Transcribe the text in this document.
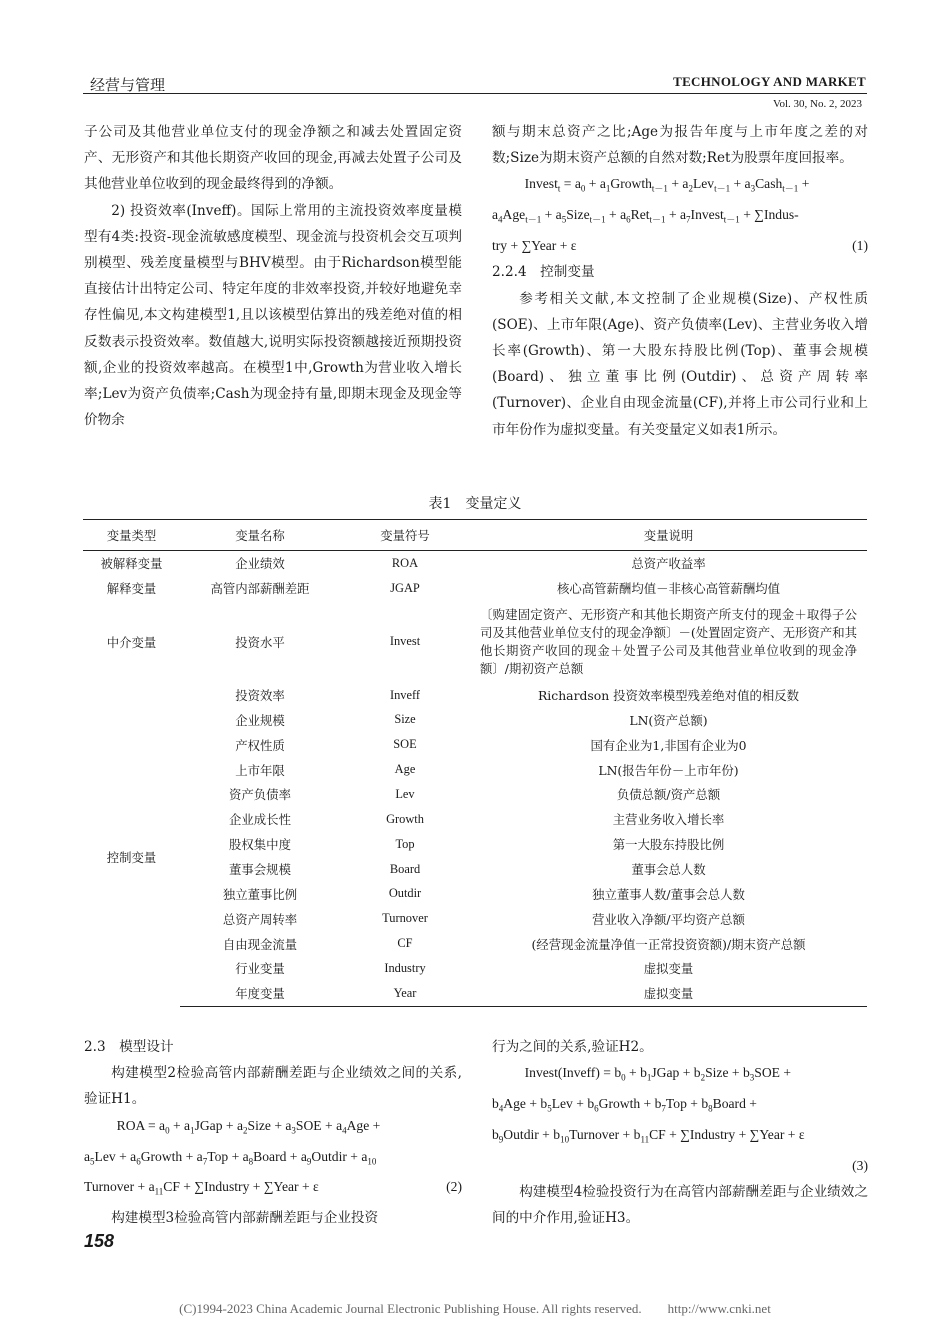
经营与管理	TECHNOLOGY AND MARKET
Vol. 30, No. 2, 2023

子公司及其他营业单位支付的现金净额之和减去处置固定资产、无形资产和其他长期资产收回的现金,再减去处置子公司及其他营业单位收到的现金最终得到的净额。

2) 投资效率(Inveff)。国际上常用的主流投资效率度量模型有4类:投资-现金流敏感度模型、现金流与投资机会交互项判别模型、残差度量模型与BHV模型。由于Richardson模型能直接估计出特定公司、特定年度的非效率投资,并较好地避免幸存性偏见,本文构建模型1,且以该模型估算出的残差绝对值的相反数表示投资效率。数值越大,说明实际投资额越接近预期投资额,企业的投资效率越高。在模型1中,Growth为营业收入增长率;Lev为资产负债率;Cash为现金持有量,即期末现金及现金等价物余

额与期末总资产之比;Age为报告年度与上市年度之差的对数;Size为期末资产总额的自然对数;Ret为股票年度回报率。

Invest$_t$ = $a_0$ + $a_1Growth_{t-1} + a_2Lev_{t-1}$ + $a_3Cash_{t-1}$ +
$a_4Age_{t-1}$ + $a_5Size_{t-1} + a_6Ret_{t-1}$ + $a_7Invest_{t-1}$ + ∑Indus-
try + ∑Year + ε	(1)

2.2.4　控制变量

参考相关文献,本文控制了企业规模(Size)、产权性质(SOE)、上市年限(Age)、资产负债率(Lev)、主营业务收入增长率(Growth)、第一大股东持股比例(Top)、董事会规模(Board)、独立董事比例(Outdir)、总资产周转率(Turnover)、企业自由现金流量(CF),并将上市公司行业和上市年份作为虚拟变量。有关变量定义如表1所示。

表1　变量定义
变量类型	变量名称	变量符号	变量说明
被解释变量	企业绩效	ROA	总资产收益率
解释变量	高管内部薪酬差距	JGAP	核心高管薪酬均值－非核心高管薪酬均值
中介变量	投资水平	Invest	〔购建固定资产、无形资产和其他长期资产所支付的现金＋取得子公司及其他营业单位支付的现金净额〕－(处置固定资产、无形资产和其他长期资产收回的现金＋处置子公司及其他营业单位收到的现金净额〕/期初资产总额
	投资效率	Inveff	Richardson 投资效率模型残差绝对值的相反数
控制变量	企业规模	Size	LN(资产总额)
	产权性质	SOE	国有企业为1,非国有企业为0
	上市年限	Age	LN(报告年份－上市年份)
	资产负债率	Lev	负债总额/资产总额
	企业成长性	Growth	主营业务收入增长率
	股权集中度	Top	第一大股东持股比例
	董事会规模	Board	董事会总人数
	独立董事比例	Outdir	独立董事人数/董事会总人数
	总资产周转率	Turnover	营业收入净额/平均资产总额
	自由现金流量	CF	(经营现金流量净值一正常投资资额)/期末资产总额
	行业变量	Industry	虚拟变量
	年度变量	Year	虚拟变量

2.3　模型设计

构建模型2检验高管内部薪酬差距与企业绩效之间的关系,验证H1。

ROA = $a_0$ + $a_1JGap$ + $a_2Size + a_3SOE + a_4Age$ +
$a_5Lev$ + $a_6Growth + a_7Top$ + $a_8Board$ + $a_9Outdir + a_{10}$
Turnover + $a_{11}CF$ + ∑Industry + ∑Year + ε	(2)

构建模型3检验高管内部薪酬差距与企业投资

行为之间的关系,验证H2。

Invest(Inveff) = $b_0$ + $b_1JGap$ + $b_2Size + b_3SOE$ +
$b_4Age + b_5Lev$ + $b_6Growth + b_7Top$ + $b_8Board$ +
$b_9Outdir$ + $b_{10}Turnover + b_{11}CF$ + ∑Industry + ∑Year + ε
(3)

构建模型4检验投资行为在高管内部薪酬差距与企业绩效之间的中介作用,验证H3。

158
(C)1994-2023 China Academic Journal Electronic Publishing House. All rights reserved.　　http://www.cnki.net
